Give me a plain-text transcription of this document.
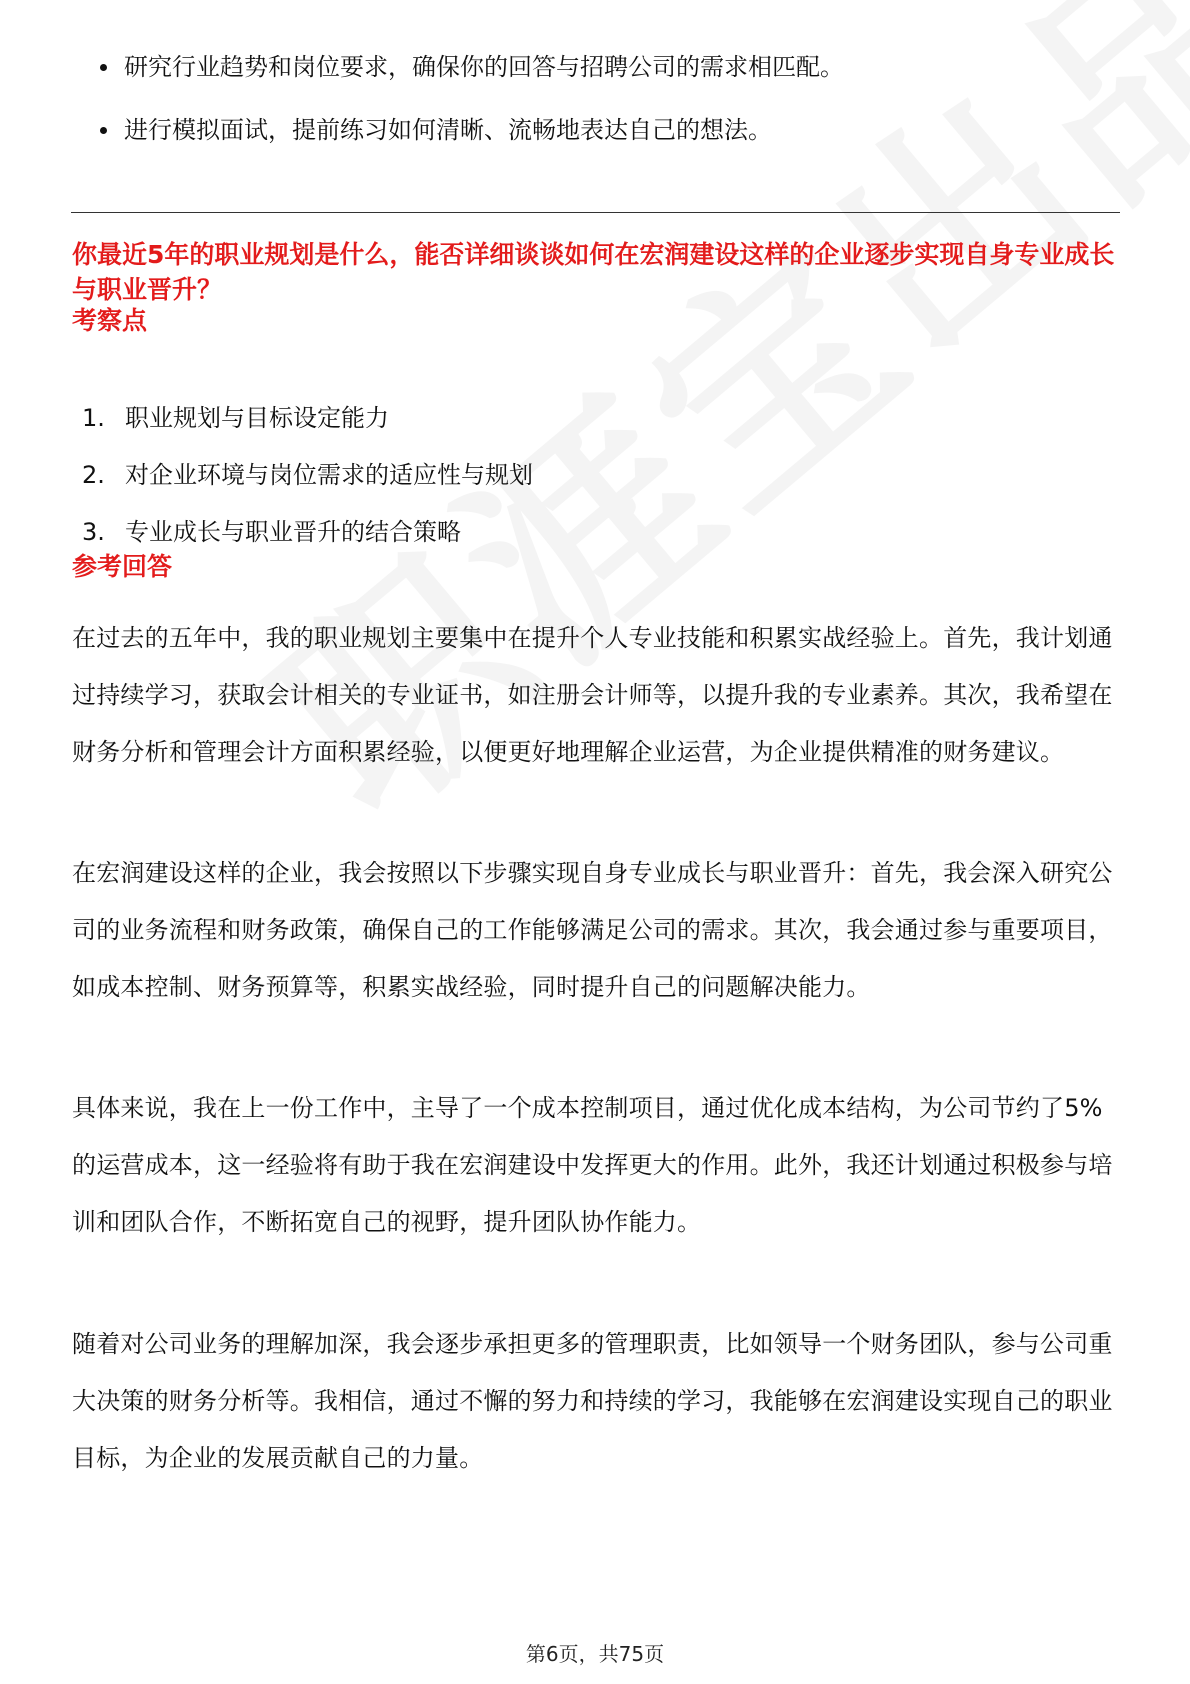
研究行业趋势和岗位要求，确保你的回答与招聘公司的需求相匹配。
进行模拟面试，提前练习如何清晰、流畅地表达自己的想法。
你最近5年的职业规划是什么，能否详细谈谈如何在宏润建设这样的企业逐步实现自身专业成长与职业晋升？
考察点
1. 职业规划与目标设定能力
2. 对企业环境与岗位需求的适应性与规划
3. 专业成长与职业晋升的结合策略
参考回答

在过去的五年中，我的职业规划主要集中在提升个人专业技能和积累实战经验上。首先，我计划通过持续学习，获取会计相关的专业证书，如注册会计师等，以提升我的专业素养。其次，我希望在财务分析和管理会计方面积累经验，以便更好地理解企业运营，为企业提供精准的财务建议。

在宏润建设这样的企业，我会按照以下步骤实现自身专业成长与职业晋升：首先，我会深入研究公司的业务流程和财务政策，确保自己的工作能够满足公司的需求。其次，我会通过参与重要项目，如成本控制、财务预算等，积累实战经验，同时提升自己的问题解决能力。

具体来说，我在上一份工作中，主导了一个成本控制项目，通过优化成本结构，为公司节约了5%的运营成本，这一经验将有助于我在宏润建设中发挥更大的作用。此外，我还计划通过积极参与培训和团队合作，不断拓宽自己的视野，提升团队协作能力。

随着对公司业务的理解加深，我会逐步承担更多的管理职责，比如领导一个财务团队，参与公司重大决策的财务分析等。我相信，通过不懈的努力和持续的学习，我能够在宏润建设实现自己的职业目标，为企业的发展贡献自己的力量。

第6页，共75页
